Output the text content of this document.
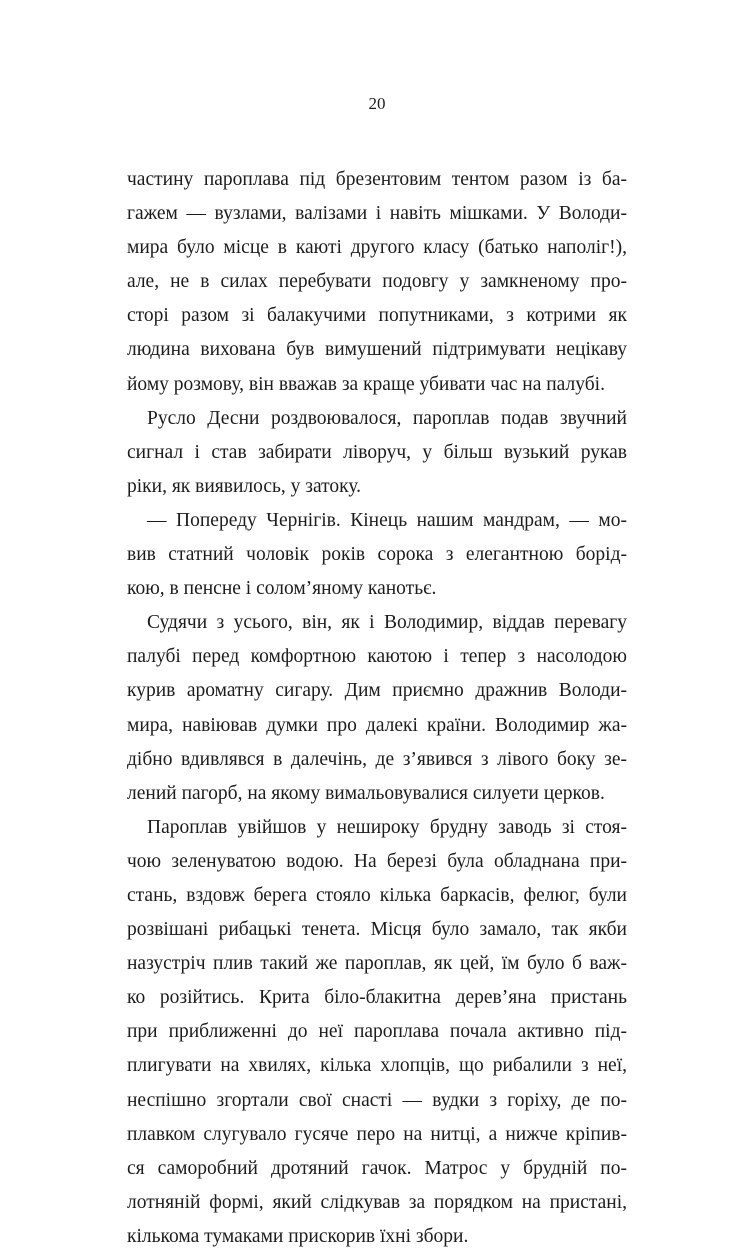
20
частину пароплава під брезентовим тентом разом із ба-
гажем — вузлами, валізами і навіть мішками. У Володи-
мира було місце в каюті другого класу (батько наполіг!),
але, не в силах перебувати подовгу у замкненому про-
сторі разом зі балакучими попутниками, з котрими як
людина вихована був вимушений підтримувати нецікаву
йому розмову, він вважав за краще убивати час на палубі.
Русло Десни роздвоювалося, пароплав подав звучний
сигнал і став забирати ліворуч, у більш вузький рукав
ріки, як виявилось, у затоку.
— Попереду Чернігів. Кінець нашим мандрам, — мо-
вив статний чоловік років сорока з елегантною борід-
кою, в пенсне і солом’яному канотьє.
Судячи з усього, він, як і Володимир, віддав перевагу
палубі перед комфортною каютою і тепер з насолодою
курив ароматну сигару. Дим приємно дражнив Володи-
мира, навіював думки про далекі країни. Володимир жа-
дібно вдивлявся в далечінь, де з’явився з лівого боку зе-
лений пагорб, на якому вимальовувалися силуети церков.
Пароплав увійшов у неширoку брудну заводь зі стоя-
чою зеленуватою водою. На березі була обладнана при-
стань, вздовж берега стояло кілька баркасів, фелюг, були
розвішані рибацькі тенета. Місця було замало, так якби
назустріч плив такий же пароплав, як цей, їм було б важ-
ко розійтись. Крита біло-блакитна дерев’яна пристань
при приближенні до неї пароплава почала активно під-
плигувати на хвилях, кілька хлопців, що рибалили з неї,
неспішно згортали свої снасті — вудки з горіху, де по-
плавком слугувало гусяче перо на нитці, а нижче кріпив-
ся саморобний дротяний гачок. Матрос у брудній по-
лотняній формі, який слідкував за порядком на пристані,
кількома тумаками прискорив їхні збори.
